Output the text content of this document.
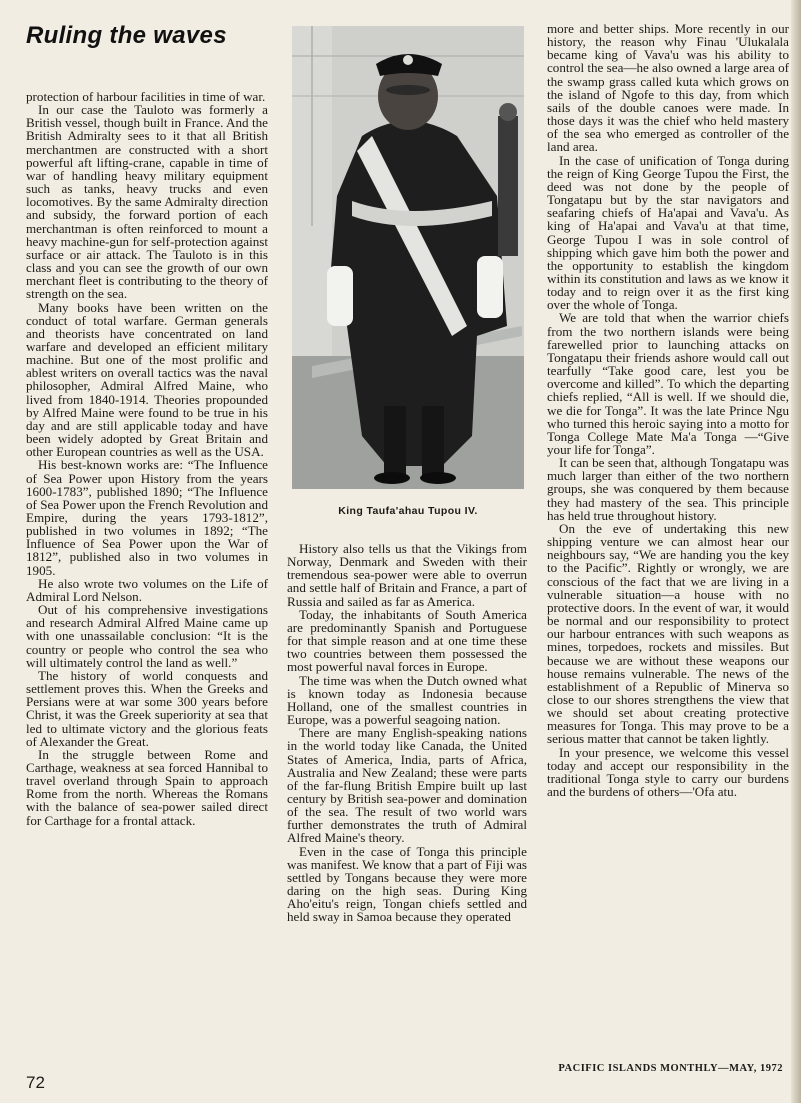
Ruling the waves

protection of harbour facilities in time of war.

In our case the Tauloto was formerly a British vessel, though built in France. And the British Admiralty sees to it that all British merchantmen are constructed with a short powerful aft lifting-crane, capable in time of war of handling heavy military equipment such as tanks, heavy trucks and even locomotives. By the same Admiralty direction and subsidy, the forward portion of each merchantman is often reinforced to mount a heavy machine-gun for self-protection against surface or air attack. The Tauloto is in this class and you can see the growth of our own merchant fleet is contributing to the theory of strength on the sea.

Many books have been written on the conduct of total warfare. German generals and theorists have concentrated on land warfare and developed an efficient military machine. But one of the most prolific and ablest writers on overall tactics was the naval philosopher, Admiral Alfred Maine, who lived from 1840-1914. Theories propounded by Alfred Maine were found to be true in his day and are still applicable today and have been widely adopted by Great Britain and other European countries as well as the USA.

His best-known works are: “The Influence of Sea Power upon History from the years 1600-1783”, published 1890; “The Influence of Sea Power upon the French Revolution and Empire, during the years 1793-1812”, published in two volumes in 1892; “The Influence of Sea Power upon the War of 1812”, published also in two volumes in 1905.

He also wrote two volumes on the Life of Admiral Lord Nelson.

Out of his comprehensive investigations and research Admiral Alfred Maine came up with one unassailable conclusion: “It is the country or people who control the sea who will ultimately control the land as well.”

The history of world conquests and settlement proves this. When the Greeks and Persians were at war some 300 years before Christ, it was the Greek superiority at sea that led to ultimate victory and the glorious feats of Alexander the Great.

In the struggle between Rome and Carthage, weakness at sea forced Hannibal to travel overland through Spain to approach Rome from the north. Whereas the Romans with the balance of sea-power sailed direct for Carthage for a frontal attack.

King Taufa'ahau Tupou IV.

History also tells us that the Vikings from Norway, Denmark and Sweden with their tremendous sea-power were able to overrun and settle half of Britain and France, a part of Russia and sailed as far as America.

Today, the inhabitants of South America are predominantly Spanish and Portuguese for that simple reason and at one time these two countries between them possessed the most powerful naval forces in Europe.

The time was when the Dutch owned what is known today as Indonesia because Holland, one of the smallest countries in Europe, was a powerful seagoing nation.

There are many English-speaking nations in the world today like Canada, the United States of America, India, parts of Africa, Australia and New Zealand; these were parts of the far-flung British Empire built up last century by British sea-power and domination of the sea. The result of two world wars further demonstrates the truth of Admiral Alfred Maine's theory.

Even in the case of Tonga this principle was manifest. We know that a part of Fiji was settled by Tongans because they were more daring on the high seas. During King Aho'eitu's reign, Tongan chiefs settled and held sway in Samoa because they operated

more and better ships. More recently in our history, the reason why Finau 'Ulukalala became king of Vava'u was his ability to control the sea—he also owned a large area of the swamp grass called kuta which grows on the island of Ngofe to this day, from which sails of the double canoes were made. In those days it was the chief who held mastery of the sea who emerged as controller of the land area.

In the case of unification of Tonga during the reign of King George Tupou the First, the deed was not done by the people of Tongatapu but by the star navigators and seafaring chiefs of Ha'apai and Vava'u. As king of Ha'apai and Vava'u at that time, George Tupou I was in sole control of shipping which gave him both the power and the opportunity to establish the kingdom within its constitution and laws as we know it today and to reign over it as the first king over the whole of Tonga.

We are told that when the warrior chiefs from the two northern islands were being farewelled prior to launching attacks on Tongatapu their friends ashore would call out tearfully “Take good care, lest you be overcome and killed”. To which the departing chiefs replied, “All is well. If we should die, we die for Tonga”. It was the late Prince Ngu who turned this heroic saying into a motto for Tonga College Mate Ma'a Tonga —“Give your life for Tonga”.

It can be seen that, although Tongatapu was much larger than either of the two northern groups, she was conquered by them because they had mastery of the sea. This principle has held true throughout history.

On the eve of undertaking this new shipping venture we can almost hear our neighbours say, “We are handing you the key to the Pacific”. Rightly or wrongly, we are conscious of the fact that we are living in a vulnerable situation—a house with no protective doors. In the event of war, it would be normal and our responsibility to protect our harbour entrances with such weapons as mines, torpedoes, rockets and missiles. But because we are without these weapons our house remains vulnerable. The news of the establishment of a Republic of Minerva so close to our shores strengthens the view that we should set about creating protective measures for Tonga. This may prove to be a serious matter that cannot be taken lightly.

In your presence, we welcome this vessel today and accept our responsibility in the traditional Tonga style to carry our burdens and the burdens of others—'Ofa atu.

72
PACIFIC ISLANDS MONTHLY—MAY, 1972
